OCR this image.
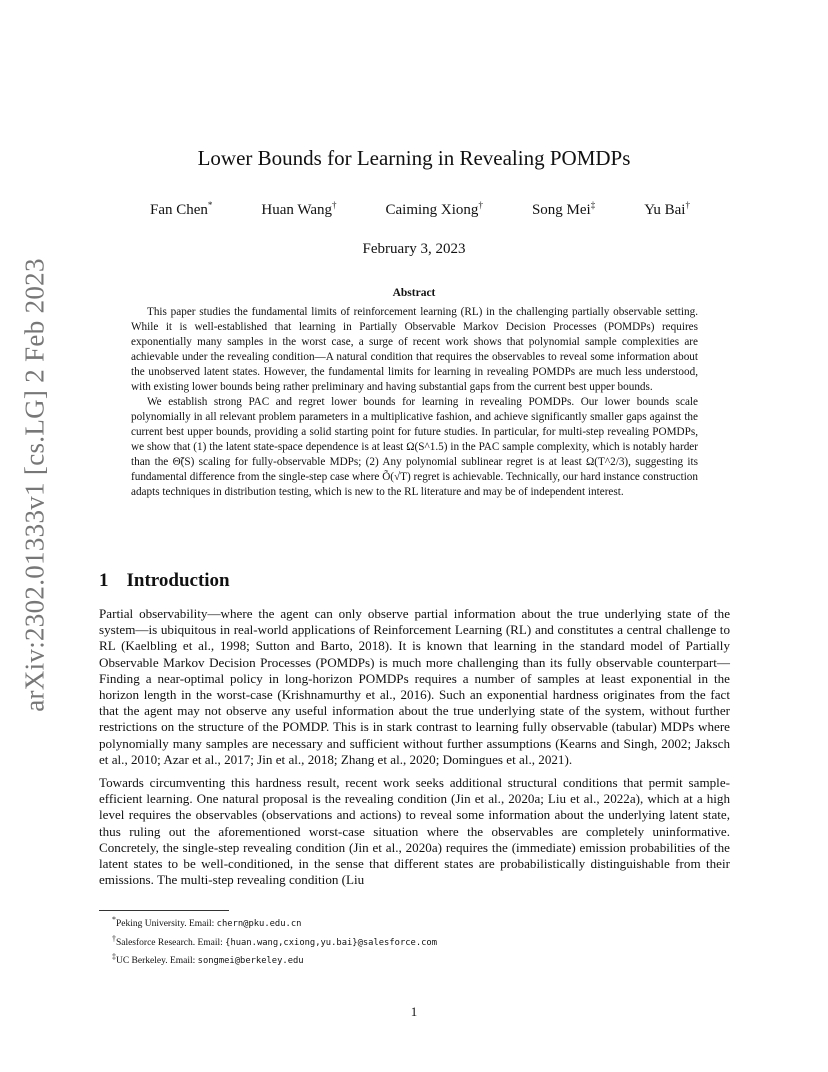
arXiv:2302.01333v1 [cs.LG] 2 Feb 2023
Lower Bounds for Learning in Revealing POMDPs
Fan Chen*	Huan Wang†	Caiming Xiong†	Song Mei‡	Yu Bai†
February 3, 2023
Abstract

This paper studies the fundamental limits of reinforcement learning (RL) in the challenging partially observable setting. While it is well-established that learning in Partially Observable Markov Decision Processes (POMDPs) requires exponentially many samples in the worst case, a surge of recent work shows that polynomial sample complexities are achievable under the revealing condition—A natural condition that requires the observables to reveal some information about the unobserved latent states. However, the fundamental limits for learning in revealing POMDPs are much less understood, with existing lower bounds being rather preliminary and having substantial gaps from the current best upper bounds.

We establish strong PAC and regret lower bounds for learning in revealing POMDPs. Our lower bounds scale polynomially in all relevant problem parameters in a multiplicative fashion, and achieve significantly smaller gaps against the current best upper bounds, providing a solid starting point for future studies. In particular, for multi-step revealing POMDPs, we show that (1) the latent state-space dependence is at least Ω(S^1.5) in the PAC sample complexity, which is notably harder than the Θ̃(S) scaling for fully-observable MDPs; (2) Any polynomial sublinear regret is at least Ω(T^2/3), suggesting its fundamental difference from the single-step case where Õ(√T) regret is achievable. Technically, our hard instance construction adapts techniques in distribution testing, which is new to the RL literature and may be of independent interest.

1 Introduction

Partial observability—where the agent can only observe partial information about the true underlying state of the system—is ubiquitous in real-world applications of Reinforcement Learning (RL) and constitutes a central challenge to RL (Kaelbling et al., 1998; Sutton and Barto, 2018). It is known that learning in the standard model of Partially Observable Markov Decision Processes (POMDPs) is much more challenging than its fully observable counterpart—Finding a near-optimal policy in long-horizon POMDPs requires a number of samples at least exponential in the horizon length in the worst-case (Krishnamurthy et al., 2016). Such an exponential hardness originates from the fact that the agent may not observe any useful information about the true underlying state of the system, without further restrictions on the structure of the POMDP. This is in stark contrast to learning fully observable (tabular) MDPs where polynomially many samples are necessary and sufficient without further assumptions (Kearns and Singh, 2002; Jaksch et al., 2010; Azar et al., 2017; Jin et al., 2018; Zhang et al., 2020; Domingues et al., 2021).

Towards circumventing this hardness result, recent work seeks additional structural conditions that permit sample-efficient learning. One natural proposal is the revealing condition (Jin et al., 2020a; Liu et al., 2022a), which at a high level requires the observables (observations and actions) to reveal some information about the underlying latent state, thus ruling out the aforementioned worst-case situation where the observables are completely uninformative. Concretely, the single-step revealing condition (Jin et al., 2020a) requires the (immediate) emission probabilities of the latent states to be well-conditioned, in the sense that different states are probabilistically distinguishable from their emissions. The multi-step revealing condition (Liu

*Peking University. Email: chern@pku.edu.cn
†Salesforce Research. Email: {huan.wang,cxiong,yu.bai}@salesforce.com
‡UC Berkeley. Email: songmei@berkeley.edu
1
